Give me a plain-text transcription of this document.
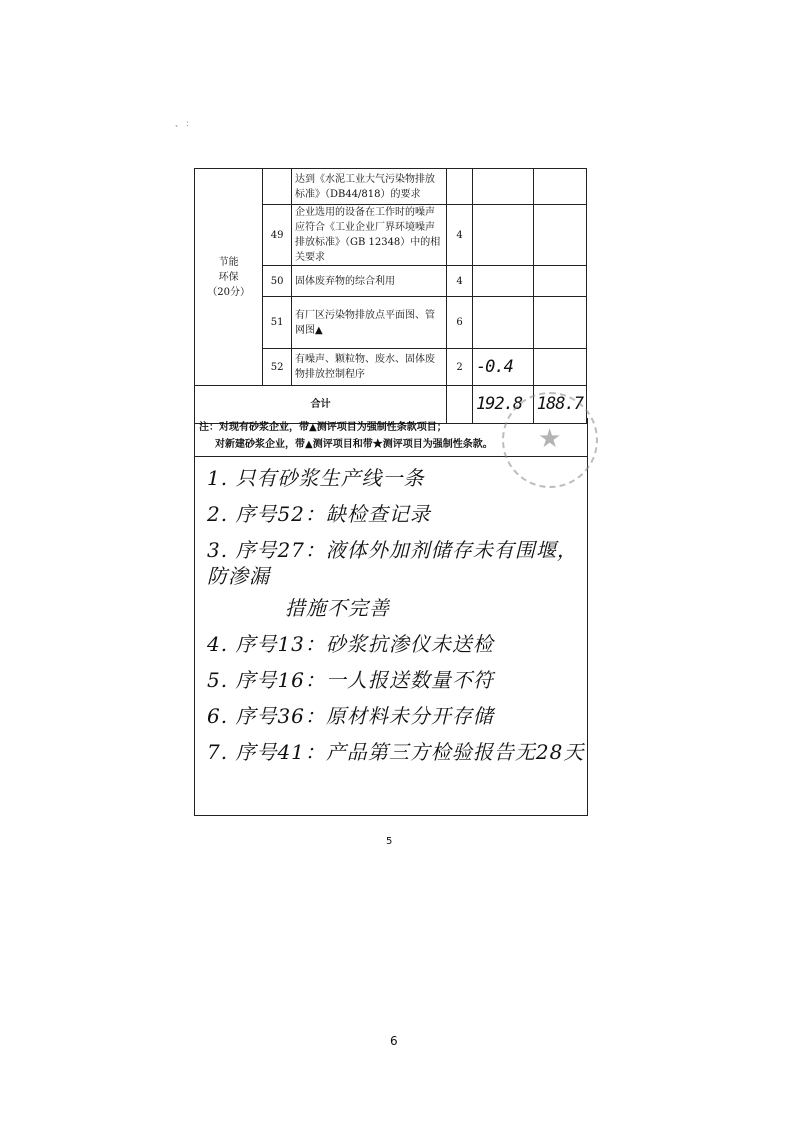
、 ：
节能
环保
（20分）		达到《水泥工业大气污染物排放标准》（DB44/818）的要求			
	49	企业选用的设备在工作时的噪声应符合《工业企业厂界环境噪声排放标准》（GB 12348）中的相关要求	4		
	50	固体废弃物的综合利用	4		
	51	有厂区污染物排放点平面图、管网图▲	6		
	52	有噪声、颗粒物、废水、固体废物排放控制程序	2	-0.4	
合计				192.8	188.7
注：对现有砂浆企业，带▲测评项目为强制性条款项目；
对新建砂浆企业，带▲测评项目和带★测评项目为强制性条款。
1. 只有砂浆生产线一条
2. 序号52：缺检查记录
3. 序号27：液体外加剂储存未有围堰，防渗漏
措施不完善
4. 序号13：砂浆抗渗仪未送检
5. 序号16：一人报送数量不符
6. 序号36：原材料未分开存储
7. 序号41：产品第三方检验报告无28天
★
5
6
